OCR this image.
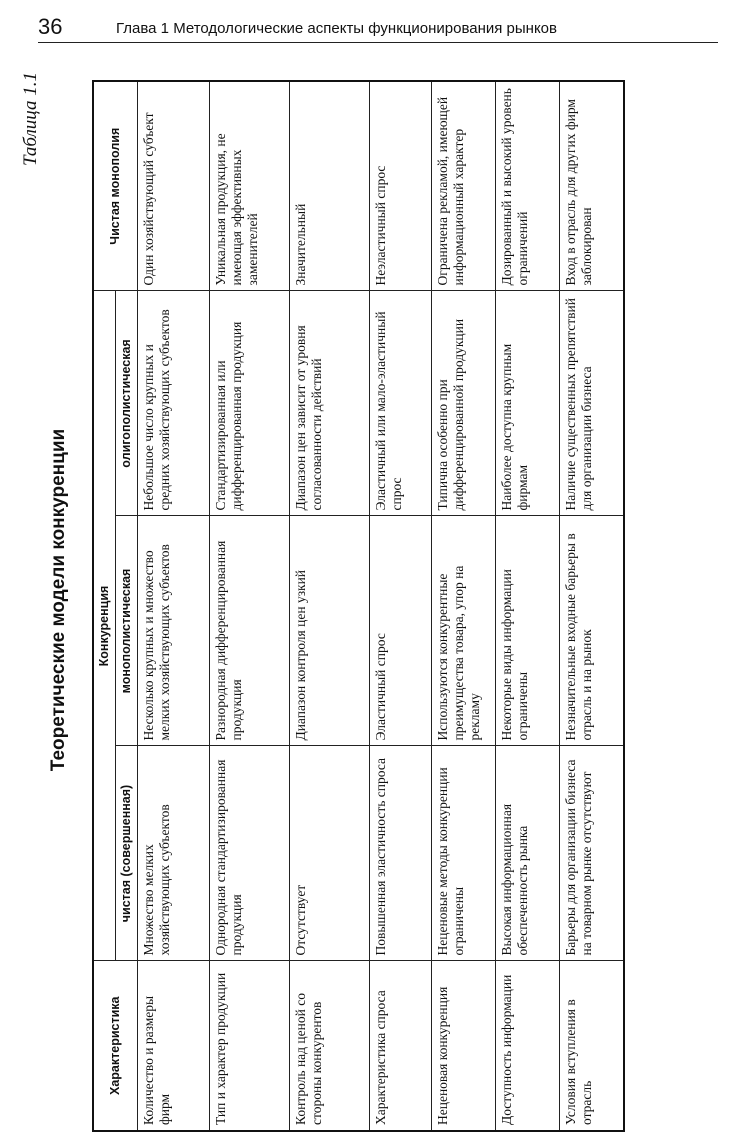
36	Глава 1 Методологические аспекты функционирования рынков
Таблица 1.1
Теоретические модели конкуренции
Характеристика	Конкуренция			Чистая монополия
	чистая (совершенная)	монополистическая	олигополистическая	
Количество и размеры фирм	Множество мелких хозяйствующих субъектов	Несколько крупных и множество мелких хозяйствующих субъектов	Небольшое число крупных и средних хозяйствующих субъектов	Один хозяйствующий субъект
Тип и характер продукции	Однородная стандартизированная продукция	Разнородная дифференцированная продукция	Стандартизированная или дифференцированная продукция	Уникальная продукция, не имеющая эффективных заменителей
Контроль над ценой со стороны конкурентов	Отсутствует	Диапазон контроля цен узкий	Диапазон цен зависит от уровня согласованности действий	Значительный
Характеристика спроса	Повышенная эластичность спроса	Эластичный спрос	Эластичный или мало-эластичный спрос	Неэластичный спрос
Неценовая конкуренция	Неценовые методы конкуренции ограничены	Используются конкурентные преимущества товара, упор на рекламу	Типична особенно при дифференцированной продукции	Ограничена рекламой, имеющей информационный характер
Доступность информации	Высокая информационная обеспеченность рынка	Некоторые виды информации ограничены	Наиболее доступна крупным фирмам	Дозированный и высокий уровень ограничений
Условия вступления в отрасль	Барьеры для организации бизнеса на товарном рынке отсутствуют	Незначительные входные барьеры в отрасль и на рынок	Наличие существенных препятствий для организации бизнеса	Вход в отрасль для других фирм заблокирован
